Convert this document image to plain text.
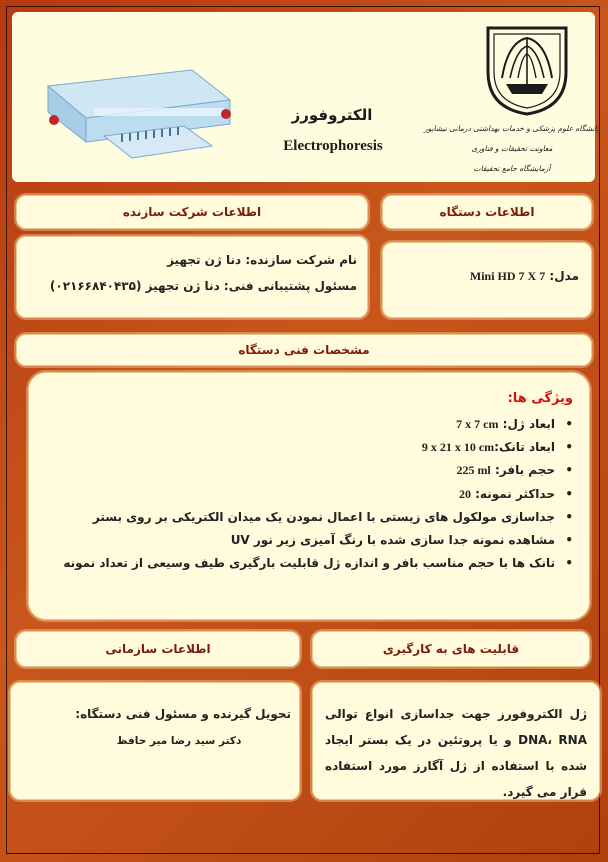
الکتروفورز
Electrophoresis
دانشگاه علوم پزشکی و خدمات بهداشتی درمانی نیشابور
معاونت تحقیقات و فناوری
آزمایشگاه جامع تحقیقات
اطلاعات دستگاه
اطلاعات شرکت سازنده
مدل: Mini HD 7 X 7
نام شرکت سازنده: دنا ژن تجهیز
مسئول پشتیبانی فنی: دنا ژن تجهیز (۰۲۱۶۶۸۴۰۴۳۵)
مشخصات فنی دستگاه
ویژگی ها:
• ابعاد ژل: 7 x 7 cm
• ابعاد تانک:9 x 21 x 10 cm
• حجم بافر: 225 ml
• حداکثر نمونه: 20
• جداسازی مولکول های زیستی با اعمال نمودن یک میدان الکتریکی بر روی بستر
• مشاهده نمونه جدا سازی شده با رنگ آمیزی زیر نور UV
• تانک ها با حجم مناسب بافر و اندازه ژل قابلیت بارگیری طیف وسیعی از تعداد نمونه
قابلیت های به کارگیری
اطلاعات سازمانی
ژل الکتروفورز جهت جداسازی انواع توالی DNA، RNA و یا پروتئین در یک بستر ایجاد شده با استفاده از ژل آگارز مورد استفاده قرار می گیرد.
تحویل گیرنده و مسئول فنی دستگاه:
دکتر سید رضا میر حافظ
